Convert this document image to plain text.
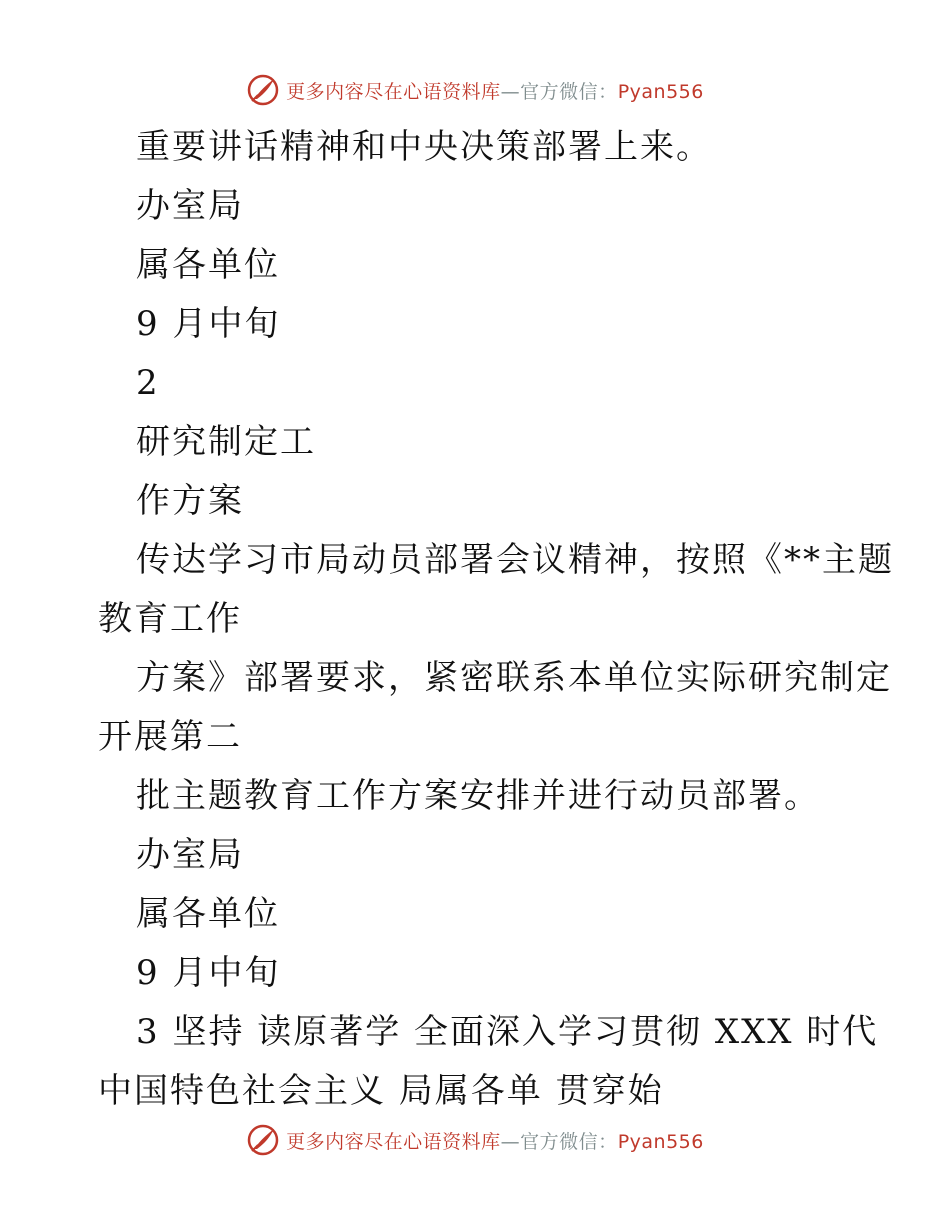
更多内容尽在心语资料库—官方微信：Pyan556
重要讲话精神和中央决策部署上来。
办室局
属各单位
9 月中旬
2
研究制定工
作方案
传达学习市局动员部署会议精神，按照《**主题
教育工作
方案》部署要求，紧密联系本单位实际研究制定
开展第二
批主题教育工作方案安排并进行动员部署。
办室局
属各单位
9 月中旬
3 坚持 读原著学 全面深入学习贯彻 XXX 时代
中国特色社会主义 局属各单 贯穿始
更多内容尽在心语资料库—官方微信：Pyan556
